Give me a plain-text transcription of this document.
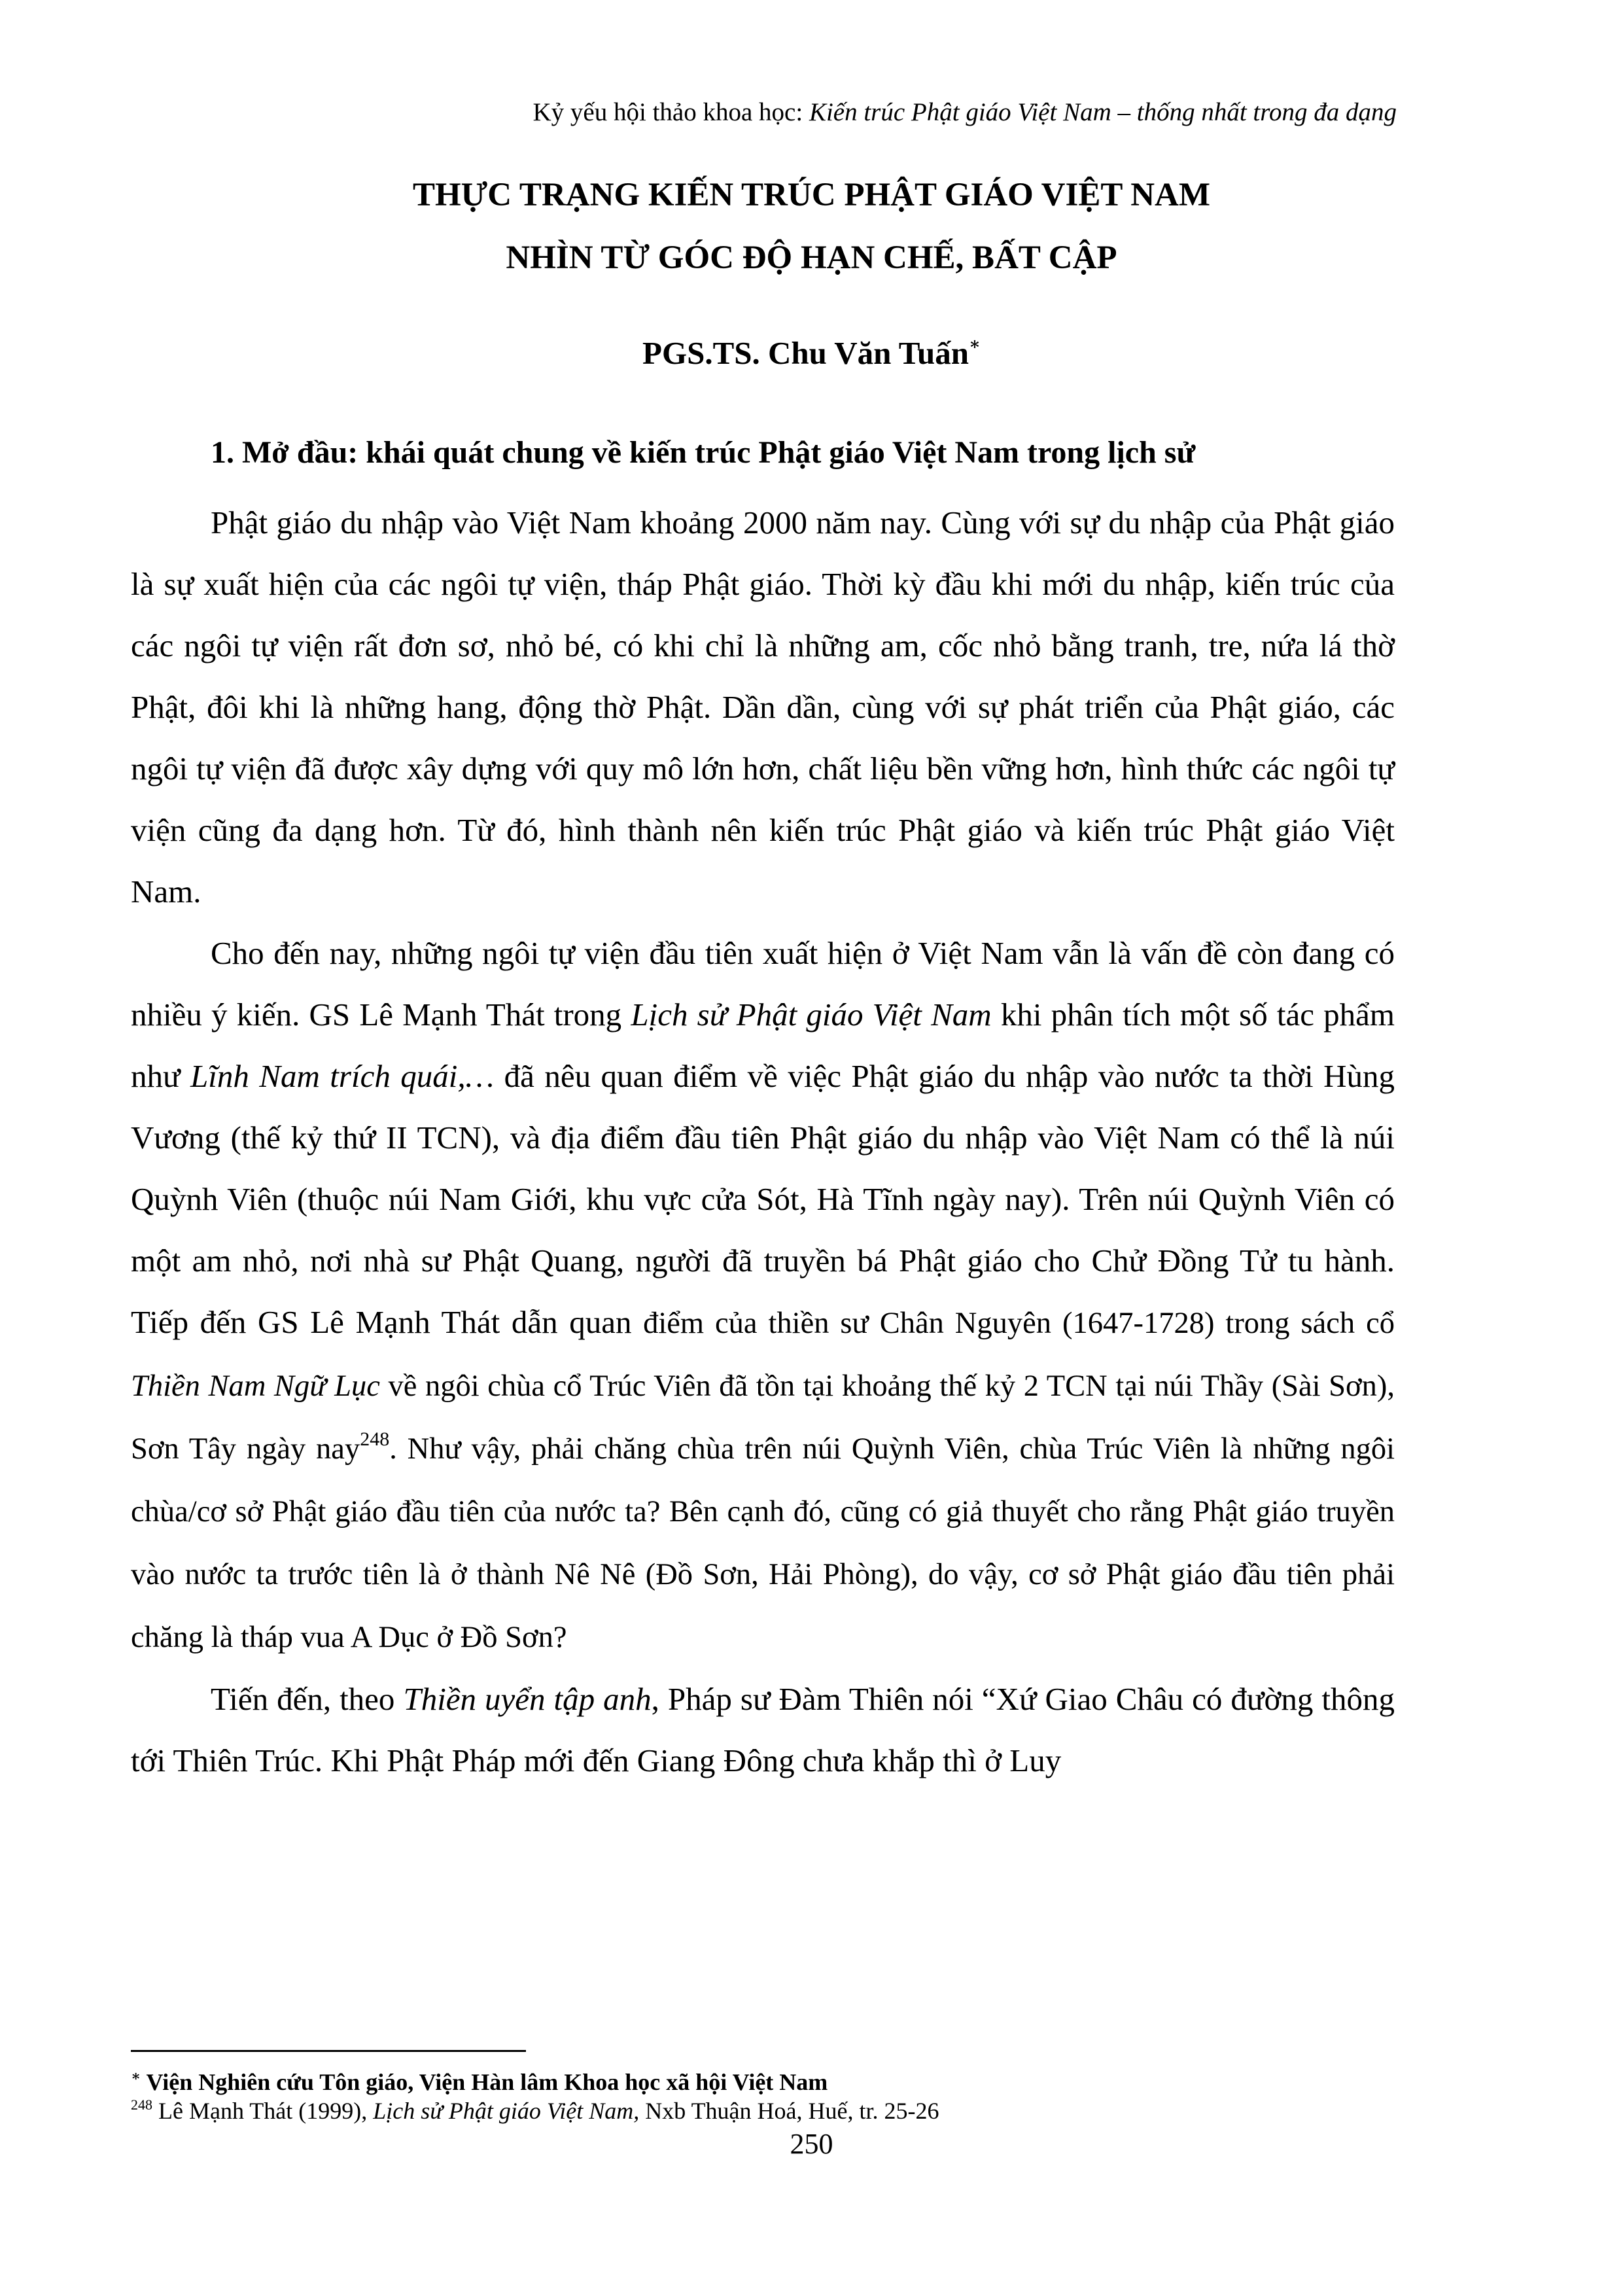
Kỷ yếu hội thảo khoa học: Kiến trúc Phật giáo Việt Nam – thống nhất trong đa dạng
THỰC TRẠNG KIẾN TRÚC PHẬT GIÁO VIỆT NAM
NHÌN TỪ GÓC ĐỘ HẠN CHẾ, BẤT CẬP
PGS.TS. Chu Văn Tuấn∗
1. Mở đầu: khái quát chung về kiến trúc Phật giáo Việt Nam trong lịch sử

Phật giáo du nhập vào Việt Nam khoảng 2000 năm nay. Cùng với sự du nhập của Phật giáo là sự xuất hiện của các ngôi tự viện, tháp Phật giáo. Thời kỳ đầu khi mới du nhập, kiến trúc của các ngôi tự viện rất đơn sơ, nhỏ bé, có khi chỉ là những am, cốc nhỏ bằng tranh, tre, nứa lá thờ Phật, đôi khi là những hang, động thờ Phật. Dần dần, cùng với sự phát triển của Phật giáo, các ngôi tự viện đã được xây dựng với quy mô lớn hơn, chất liệu bền vững hơn, hình thức các ngôi tự viện cũng đa dạng hơn. Từ đó, hình thành nên kiến trúc Phật giáo và kiến trúc Phật giáo Việt Nam.

Cho đến nay, những ngôi tự viện đầu tiên xuất hiện ở Việt Nam vẫn là vấn đề còn đang có nhiều ý kiến. GS Lê Mạnh Thát trong Lịch sử Phật giáo Việt Nam khi phân tích một số tác phẩm như Lĩnh Nam trích quái,… đã nêu quan điểm về việc Phật giáo du nhập vào nước ta thời Hùng Vương (thế kỷ thứ II TCN), và địa điểm đầu tiên Phật giáo du nhập vào Việt Nam có thể là núi Quỳnh Viên (thuộc núi Nam Giới, khu vực cửa Sót, Hà Tĩnh ngày nay). Trên núi Quỳnh Viên có một am nhỏ, nơi nhà sư Phật Quang, người đã truyền bá Phật giáo cho Chử Đồng Tử tu hành. Tiếp đến GS Lê Mạnh Thát dẫn quan điểm của thiền sư Chân Nguyên (1647-1728) trong sách cổ Thiền Nam Ngữ Lục về ngôi chùa cổ Trúc Viên đã tồn tại khoảng thế kỷ 2 TCN tại núi Thầy (Sài Sơn), Sơn Tây ngày nay$^{248}$. Như vậy, phải chăng chùa trên núi Quỳnh Viên, chùa Trúc Viên là những ngôi chùa/cơ sở Phật giáo đầu tiên của nước ta? Bên cạnh đó, cũng có giả thuyết cho rằng Phật giáo truyền vào nước ta trước tiên là ở thành Nê Nê (Đồ Sơn, Hải Phòng), do vậy, cơ sở Phật giáo đầu tiên phải chăng là tháp vua A Dục ở Đồ Sơn?

Tiến đến, theo Thiền uyển tập anh, Pháp sư Đàm Thiên nói “Xứ Giao Châu có đường thông tới Thiên Trúc. Khi Phật Pháp mới đến Giang Đông chưa khắp thì ở Luy

∗ Viện Nghiên cứu Tôn giáo, Viện Hàn lâm Khoa học xã hội Việt Nam
$^{248}$ Lê Mạnh Thát (1999), Lịch sử Phật giáo Việt Nam, Nxb Thuận Hoá, Huế, tr. 25-26
250
